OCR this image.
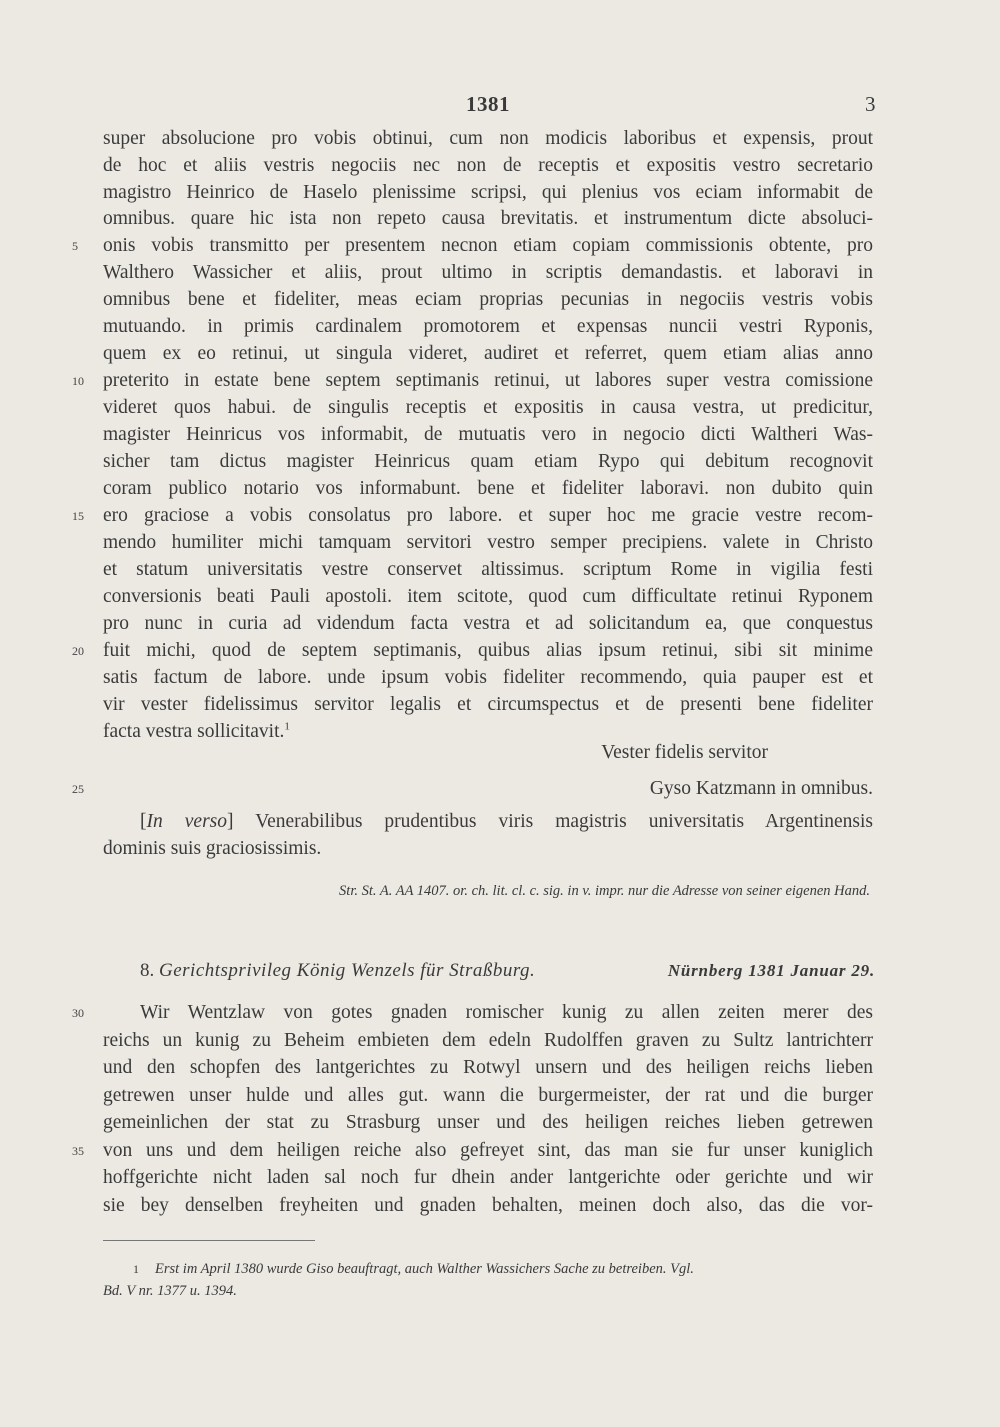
1381	3
super absolucione pro vobis obtinui, cum non modicis laboribus et expensis, prout
de hoc et aliis vestris negociis nec non de receptis et expositis vestro secretario
magistro Heinrico de Haselo plenissime scripsi, qui plenius vos eciam informabit de
omnibus. quare hic ista non repeto causa brevitatis. et instrumentum dicte absoluci-
onis vobis transmitto per presentem necnon etiam copiam commissionis obtente, pro
Walthero Wassicher et aliis, prout ultimo in scriptis demandastis. et laboravi in
omnibus bene et fideliter, meas eciam proprias pecunias in negociis vestris vobis
mutuando. in primis cardinalem promotorem et expensas nuncii vestri Ryponis,
quem ex eo retinui, ut singula videret, audiret et referret, quem etiam alias anno
preterito in estate bene septem septimanis retinui, ut labores super vestra comissione
videret quos habui. de singulis receptis et expositis in causa vestra, ut predicitur,
magister Heinricus vos informabit, de mutuatis vero in negocio dicti Waltheri Was-
sicher tam dictus magister Heinricus quam etiam Rypo qui debitum recognovit
coram publico notario vos informabunt. bene et fideliter laboravi. non dubito quin
ero graciose a vobis consolatus pro labore. et super hoc me gracie vestre recom-
mendo humiliter michi tamquam servitori vestro semper precipiens. valete in Christo
et statum universitatis vestre conservet altissimus. scriptum Rome in vigilia festi
conversionis beati Pauli apostoli. item scitote, quod cum difficultate retinui Ryponem
pro nunc in curia ad videndum facta vestra et ad solicitandum ea, que conquestus
fuit michi, quod de septem septimanis, quibus alias ipsum retinui, sibi sit minime
satis factum de labore. unde ipsum vobis fideliter recommendo, quia pauper est et
vir vester fidelissimus servitor legalis et circumspectus et de presenti bene fideliter
facta vestra sollicitavit.$^1$
Vester fidelis servitor
Gyso Katzmann in omnibus.
[In verso] Venerabilibus prudentibus viris magistris universitatis Argentinensis
dominis suis graciosissimis.
Str. St. A. AA 1407. or. ch. lit. cl. c. sig. in v. impr. nur die Adresse von seiner eigenen Hand.
8. Gerichtsprivileg König Wenzels für Straßburg.	Nürnberg 1381 Januar 29.
Wir Wentzlaw von gotes gnaden romischer kunig zu allen zeiten merer des
reichs un kunig zu Beheim embieten dem edeln Rudolffen graven zu Sultz lantrichterr
und den schopfen des lantgerichtes zu Rotwyl unsern und des heiligen reichs lieben
getrewen unser hulde und alles gut. wann die burgermeister, der rat und die burger
gemeinlichen der stat zu Strasburg unser und des heiligen reiches lieben getrewen
von uns und dem heiligen reiche also gefreyet sint, das man sie fur unser kuniglich
hoffgerichte nicht laden sal noch fur dhein ander lantgerichte oder gerichte und wir
sie bey denselben freyheiten und gnaden behalten, meinen doch also, das die vor-
5
10
15
20
25
30
35
1 Erst im April 1380 wurde Giso beauftragt, auch Walther Wassichers Sache zu betreiben. Vgl.
Bd. V nr. 1377 u. 1394.
